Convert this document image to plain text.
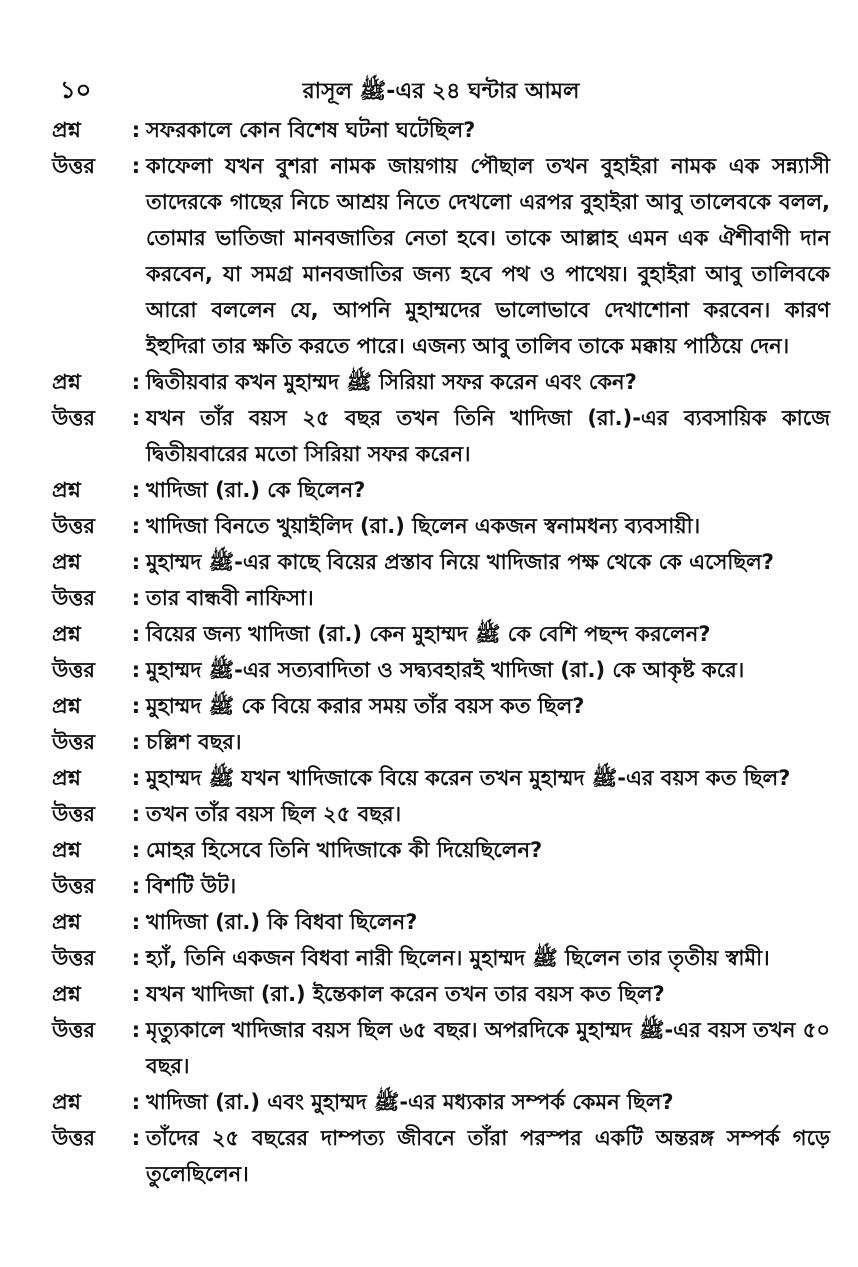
১০	রাসূল ﷺ-এর ২৪ ঘন্টার আমল
প্রশ্ন	: সফরকালে কোন বিশেষ ঘটনা ঘটেছিল?
উত্তর	: কাফেলা যখন বুশরা নামক জায়গায় পৌছাল তখন বুহাইরা নামক এক সন্ন্যাসী তাদেরকে গাছের নিচে আশ্রয় নিতে দেখলো এরপর বুহাইরা আবু তালেবকে বলল, তোমার ভাতিজা মানবজাতির নেতা হবে। তাকে আল্লাহ এমন এক ঐশীবাণী দান করবেন, যা সমগ্র মানবজাতির জন্য হবে পথ ও পাথেয়। বুহাইরা আবু তালিবকে আরো বললেন যে, আপনি মুহাম্মদের ভালোভাবে দেখাশোনা করবেন। কারণ ইহুদিরা তার ক্ষতি করতে পারে। এজন্য আবু তালিব তাকে মক্কায় পাঠিয়ে দেন।
প্রশ্ন	: দ্বিতীয়বার কখন মুহাম্মদ ﷺ সিরিয়া সফর করেন এবং কেন?
উত্তর	: যখন তাঁর বয়স ২৫ বছর তখন তিনি খাদিজা (রা.)-এর ব্যবসায়িক কাজে দ্বিতীয়বারের মতো সিরিয়া সফর করেন।
প্রশ্ন	: খাদিজা (রা.) কে ছিলেন?
উত্তর	: খাদিজা বিনতে খুয়াইলিদ (রা.) ছিলেন একজন স্বনামধন্য ব্যবসায়ী।
প্রশ্ন	: মুহাম্মদ ﷺ-এর কাছে বিয়ের প্রস্তাব নিয়ে খাদিজার পক্ষ থেকে কে এসেছিল?
উত্তর	: তার বান্ধবী নাফিসা।
প্রশ্ন	: বিয়ের জন্য খাদিজা (রা.) কেন মুহাম্মদ ﷺ কে বেশি পছন্দ করলেন?
উত্তর	: মুহাম্মদ ﷺ-এর সত্যবাদিতা ও সদ্ব্যবহারই খাদিজা (রা.) কে আকৃষ্ট করে।
প্রশ্ন	: মুহাম্মদ ﷺ কে বিয়ে করার সময় তাঁর বয়স কত ছিল?
উত্তর	: চল্লিশ বছর।
প্রশ্ন	: মুহাম্মদ ﷺ যখন খাদিজাকে বিয়ে করেন তখন মুহাম্মদ ﷺ-এর বয়স কত ছিল?
উত্তর	: তখন তাঁর বয়স ছিল ২৫ বছর।
প্রশ্ন	: মোহর হিসেবে তিনি খাদিজাকে কী দিয়েছিলেন?
উত্তর	: বিশটি উট।
প্রশ্ন	: খাদিজা (রা.) কি বিধবা ছিলেন?
উত্তর	: হ্যাঁ, তিনি একজন বিধবা নারী ছিলেন। মুহাম্মদ ﷺ ছিলেন তার তৃতীয় স্বামী।
প্রশ্ন	: যখন খাদিজা (রা.) ইন্তেকাল করেন তখন তার বয়স কত ছিল?
উত্তর	: মৃত্যুকালে খাদিজার বয়স ছিল ৬৫ বছর। অপরদিকে মুহাম্মদ ﷺ-এর বয়স তখন ৫০ বছর।
প্রশ্ন	: খাদিজা (রা.) এবং মুহাম্মদ ﷺ-এর মধ্যকার সম্পর্ক কেমন ছিল?
উত্তর	: তাঁদের ২৫ বছরের দাম্পত্য জীবনে তাঁরা পরস্পর একটি অন্তরঙ্গ সম্পর্ক গড়ে তুলেছিলেন।
